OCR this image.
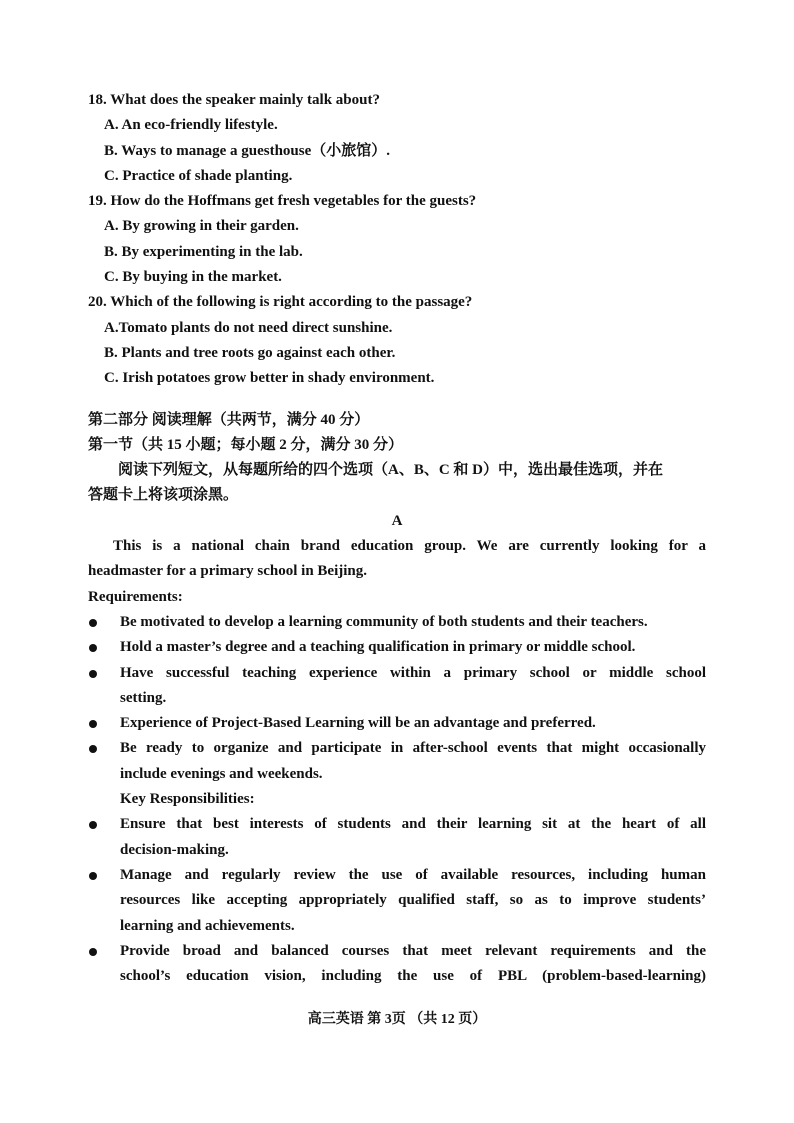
18. What does the speaker mainly talk about?
A. An eco-friendly lifestyle.
B. Ways to manage a guesthouse（小旅馆）.
C. Practice of shade planting.
19. How do the Hoffmans get fresh vegetables for the guests?
A. By growing in their garden.
B. By experimenting in the lab.
C. By buying in the market.
20. Which of the following is right according to the passage?
A.Tomato plants do not need direct sunshine.
B. Plants and tree roots go against each other.
C. Irish potatoes grow better in shady environment.
第二部分 阅读理解（共两节，满分 40 分）
第一节（共 15 小题；每小题 2 分，满分 30 分）
阅读下列短文，从每题所给的四个选项（A、B、C 和 D）中，选出最佳选项，并在
答题卡上将该项涂黑。
A
This is a national chain brand education group. We are currently looking for a
headmaster for a primary school in Beijing.
Requirements:
Be motivated to develop a learning community of both students and their teachers.
Hold a master’s degree and a teaching qualification in primary or middle school.
Have successful teaching experience within a primary school or middle school
setting.
Experience of Project-Based Learning will be an advantage and preferred.
Be ready to organize and participate in after-school events that might occasionally
include evenings and weekends.
Key Responsibilities:
Ensure that best interests of students and their learning sit at the heart of all
decision-making.
Manage and regularly review the use of available resources, including human
resources like accepting appropriately qualified staff, so as to improve students’
learning and achievements.
Provide broad and balanced courses that meet relevant requirements and the
school’s education vision, including the use of PBL (problem-based-learning)
高三英语 第 3页 （共 12 页）
